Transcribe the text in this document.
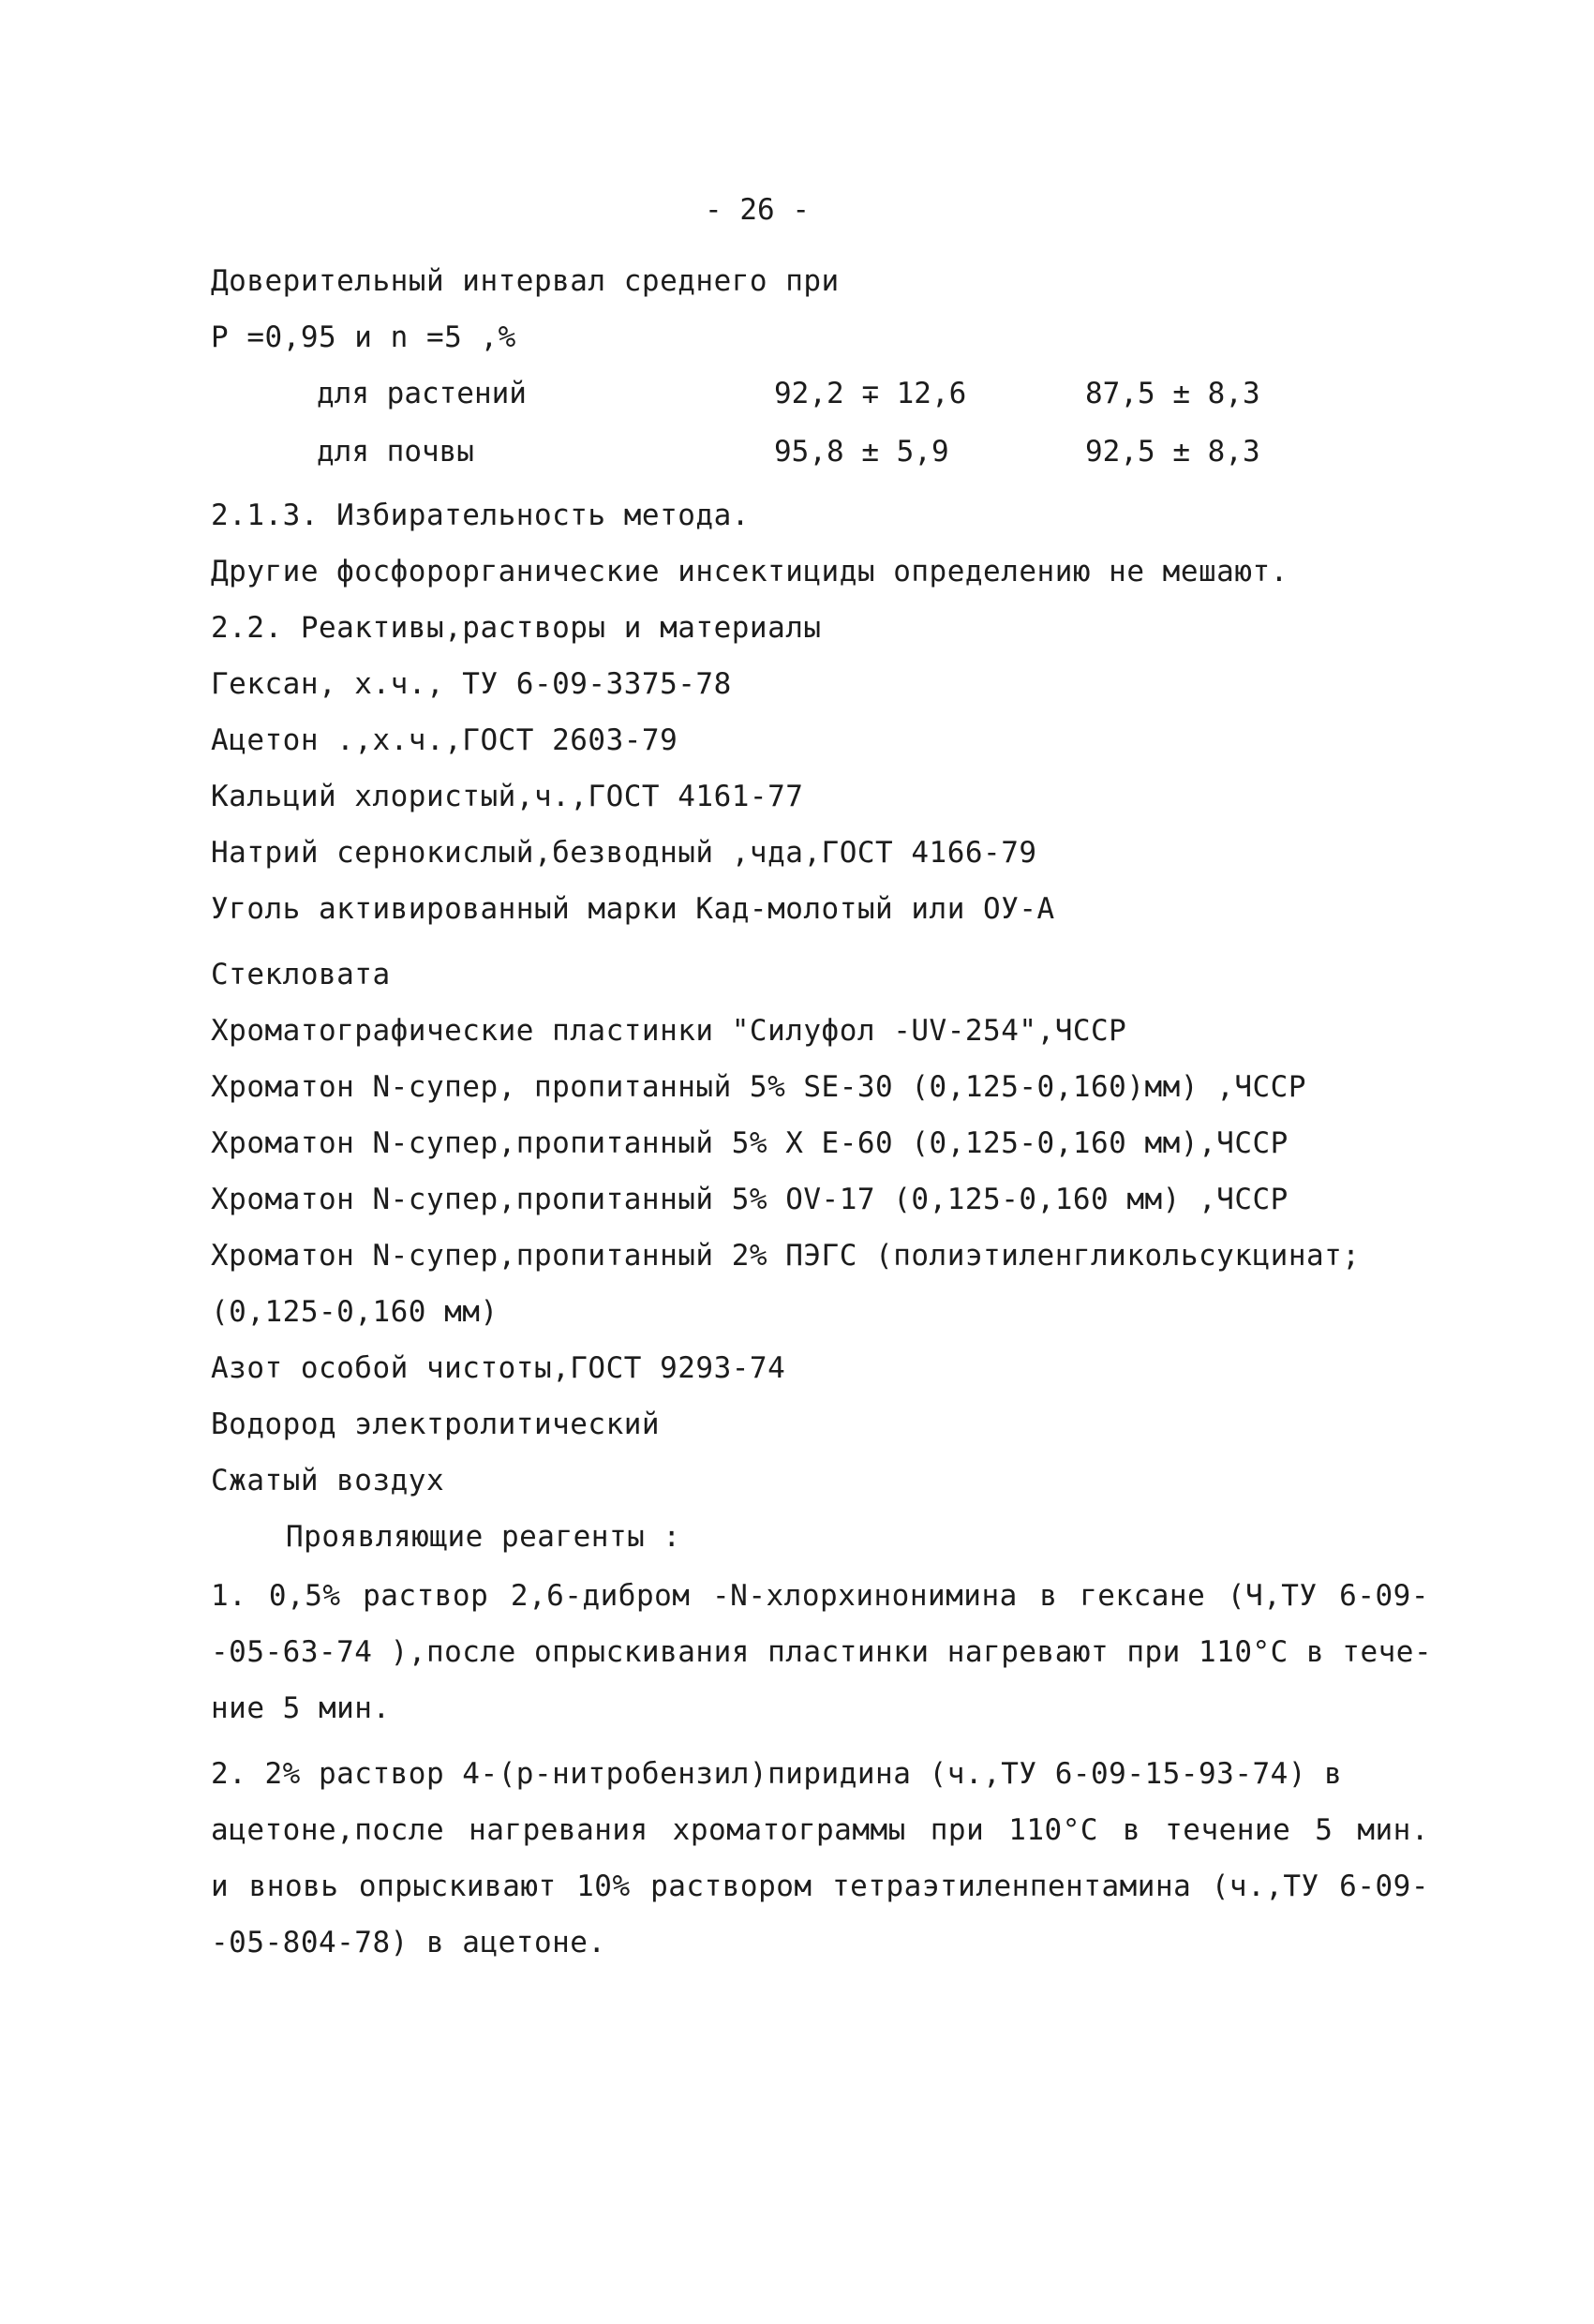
- 26 -
Доверительный интервал среднего при
P =0,95 и n =5 ,%
для растений	92,2 ∓ 12,6	87,5 ± 8,3
для почвы	95,8 ± 5,9	92,5 ± 8,3
2.1.3. Избирательность метода.
Другие фосфорорганические инсектициды определению не мешают.
2.2. Реактивы,растворы и материалы
Гексан, х.ч., ТУ 6-09-3375-78
Ацетон .,х.ч.,ГОСТ 2603-79
Кальций хлористый,ч.,ГОСТ 4161-77
Натрий сернокислый,безводный ,чда,ГОСТ 4166-79
Уголь активированный марки Кад-молотый или ОУ-А
Стекловата
Хроматографические пластинки "Силуфол -UV-254",ЧССР
Хроматон N-супер, пропитанный 5% SE-30 (0,125-0,160)мм) ,ЧССР
Хроматон N-супер,пропитанный 5% X E-60 (0,125-0,160 мм),ЧССР
Хроматон N-супер,пропитанный 5% OV-17 (0,125-0,160 мм) ,ЧССР
Хроматон N-супер,пропитанный 2% ПЭГС (полиэтиленгликольсукцинат;
(0,125-0,160 мм)
Азот особой чистоты,ГОСТ 9293-74
Водород электролитический
Сжатый воздух
Проявляющие реагенты :
1. 0,5% раствор 2,6-дибром -N-хлорхинонимина в гексане (Ч,ТУ 6-09-
-05-63-74 ),после опрыскивания пластинки нагревают при 110°С в тече-
ние 5 мин.
2. 2% раствор 4-(р-нитробензил)пиридина (ч.,ТУ 6-09-15-93-74) в
ацетоне,после нагревания хроматограммы при 110°С в течение 5 мин.
и вновь опрыскивают 10% раствором тетраэтиленпентамина (ч.,ТУ 6-09-
-05-804-78) в ацетоне.
